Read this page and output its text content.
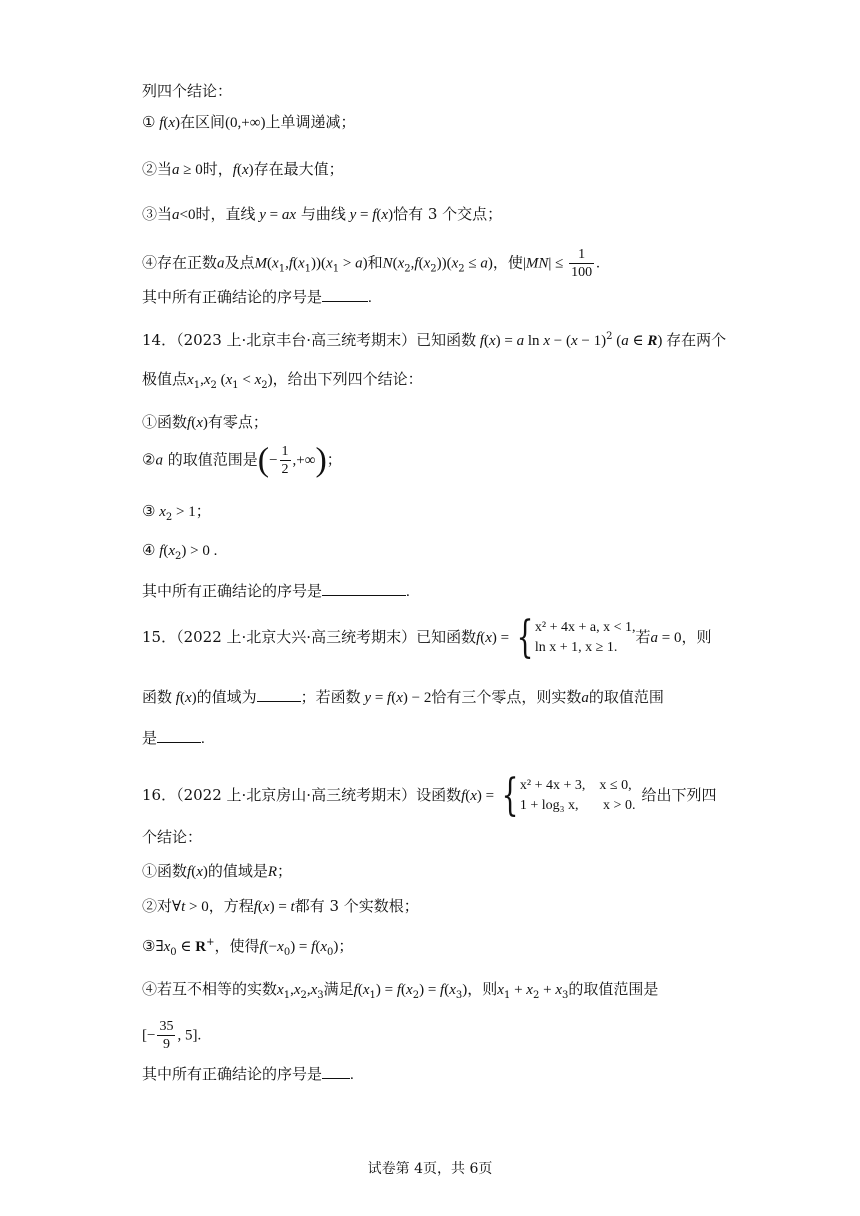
列四个结论：
① f(x)在区间(0,+∞)上单调递减；
②当a ≥ 0时，f(x)存在最大值；
③当a<0时，直线 y = ax 与曲线 y = f(x)恰有 3 个交点；
④存在正数a及点$M(x_1,f(x_1))(x_1 > a)$和$N(x_2,f(x_2))(x_2 \le a)$，使$|MN| \le \frac{1}{100}$ .
其中所有正确结论的序号是	.
14．（2023 上·北京丰台·高三统考期末）已知函数 f(x) = a $\ln x - (x - 1)^2$ (a ∈ R) 存在两个
极值点$x_1,x_2$ $(x_1 < x_2)$，给出下列四个结论：
①函数f(x)有零点；
②a 的取值范围是(− $\frac{1}{2}$ ,+∞)；
③ $x_2 > 1$；
④ $f(x_2) > 0$ .
其中所有正确结论的序号是	.
15．（2022 上·北京大兴·高三统考期末）已知函数f(x) = { x² + 4x + a, x < 1,
ln x + 1, x ≥ 1.
若a = 0，则
函数 f(x)的值域为	；若函数 y = f(x) − 2恰有三个零点，则实数a的取值范围
是	.
16．（2022 上·北京房山·高三统考期末）设函数f(x) = { x² + 4x + 3,    x ≤ 0,
1 + log₃ x,       x > 0.
给出下列四
个结论：
①函数f(x)的值域是R；
②对∀t > 0，方程f(x) = t都有 3 个实数根；
$③\exists x_0$ ∈ R+，使得$f(-x_0) = f(x_0)$；
④若互不相等的实数$x_1,x_2,x_3$满足$f(x_1) = f(x_2) = f(x_3)$，则$x_1 + x_2 + x_3$的取值范围是
[− $\frac{35}{9}$ , 5].
其中所有正确结论的序号是 .
试卷第 4页，共 6页
